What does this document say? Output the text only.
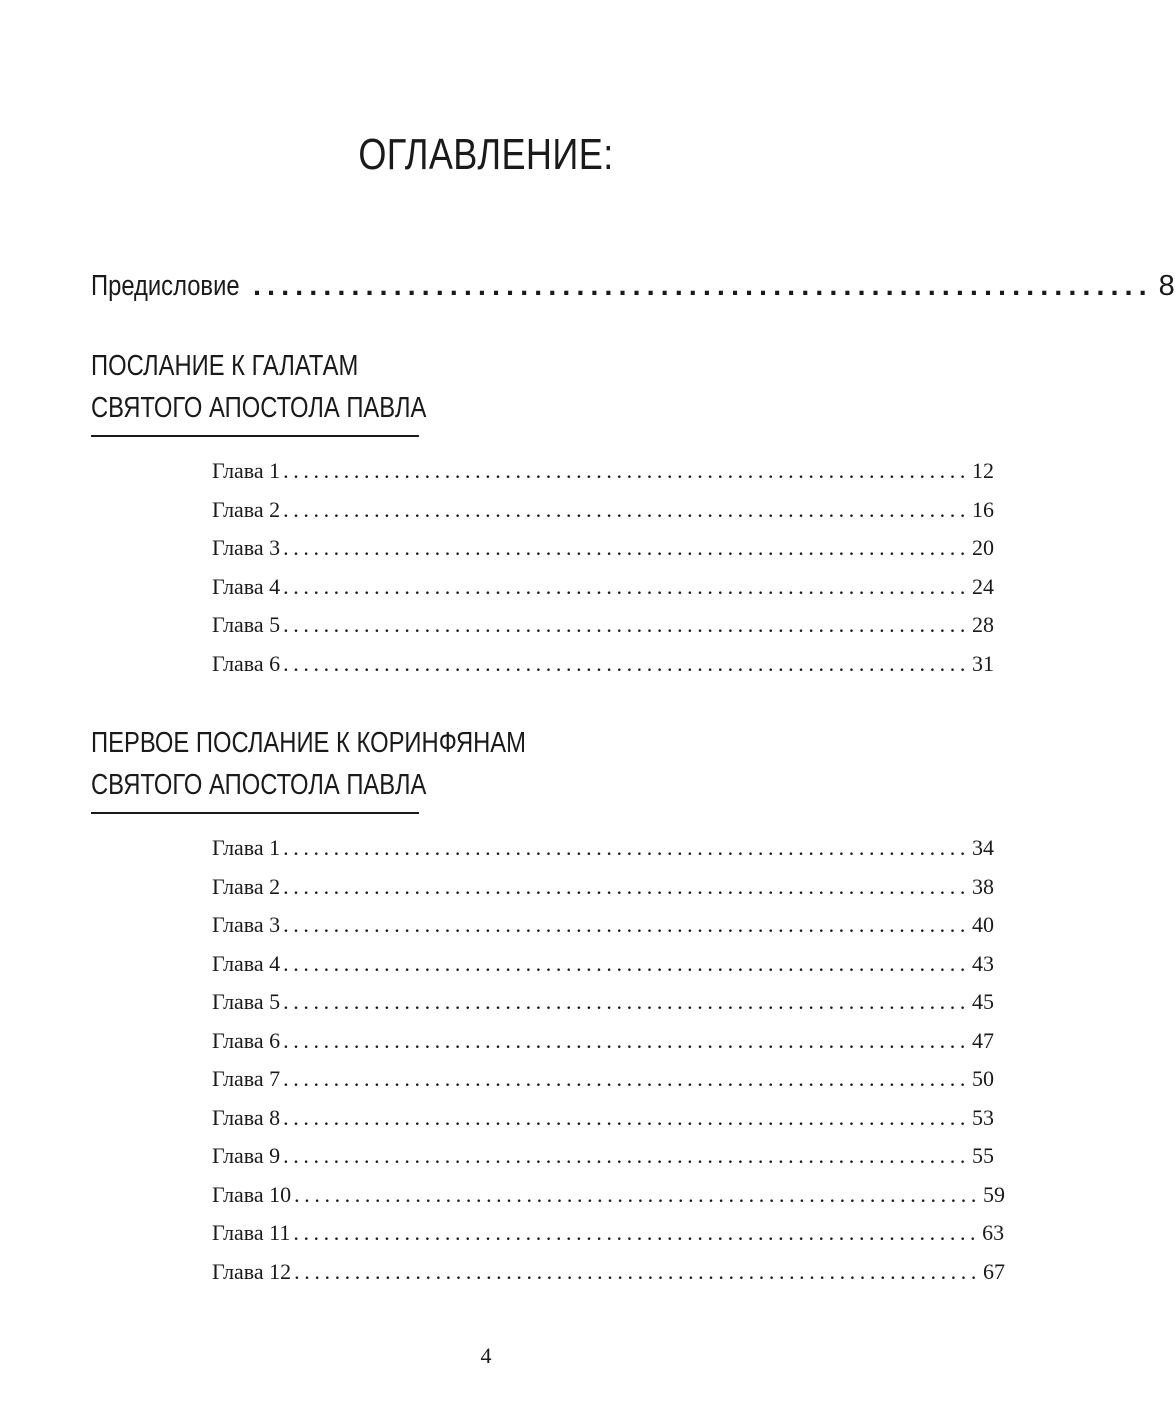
ОГЛАВЛЕНИЕ:
Предисловие ................................................................ 8
ПОСЛАНИЕ К ГАЛАТАМ
СВЯТОГО АПОСТОЛА ПАВЛА
Глава 1 .................................................................... 12
Глава 2 .................................................................... 16
Глава 3 .................................................................... 20
Глава 4 .................................................................... 24
Глава 5 .................................................................... 28
Глава 6 .................................................................... 31
ПЕРВОЕ ПОСЛАНИЕ К КОРИНФЯНАМ
СВЯТОГО АПОСТОЛА ПАВЛА
Глава 1 .................................................................... 34
Глава 2 .................................................................... 38
Глава 3 .................................................................... 40
Глава 4 .................................................................... 43
Глава 5 .................................................................... 45
Глава 6 .................................................................... 47
Глава 7 .................................................................... 50
Глава 8 .................................................................... 53
Глава 9 .................................................................... 55
Глава 10 .................................................................... 59
Глава 11 .................................................................... 63
Глава 12 .................................................................... 67
4
